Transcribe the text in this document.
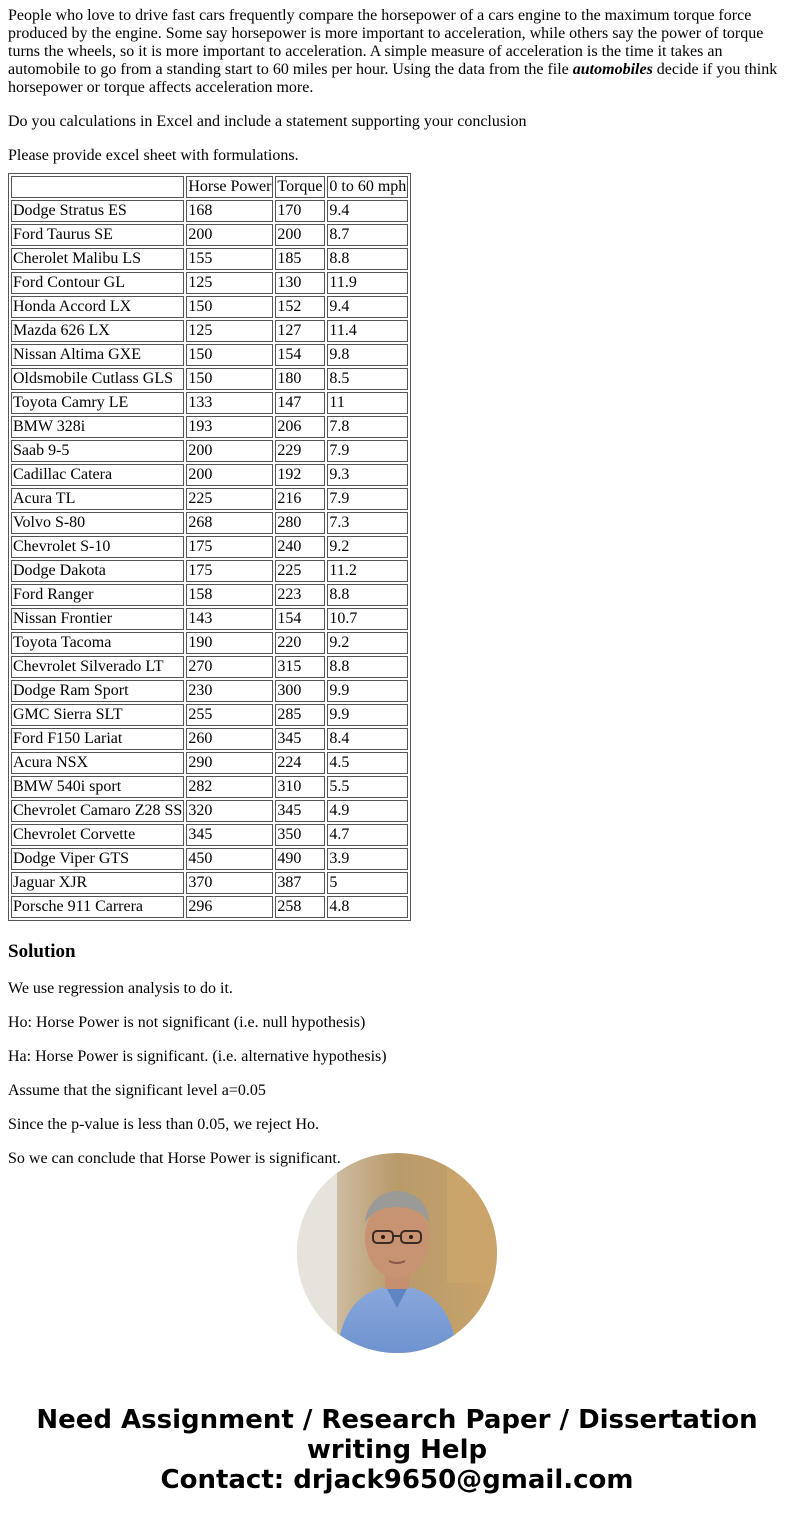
People who love to drive fast cars frequently compare the horsepower of a cars engine to the maximum torque force produced by the engine. Some say horsepower is more important to acceleration, while others say the power of torque turns the wheels, so it is more important to acceleration. A simple measure of acceleration is the time it takes an automobile to go from a standing start to 60 miles per hour. Using the data from the file automobiles decide if you think horsepower or torque affects acceleration more.

Do you calculations in Excel and include a statement supporting your conclusion

Please provide excel sheet with formulations.

	Horse Power	Torque	0 to 60 mph
Dodge Stratus ES	168	170	9.4
Ford Taurus SE	200	200	8.7
Cherolet Malibu LS	155	185	8.8
Ford Contour GL	125	130	11.9
Honda Accord LX	150	152	9.4
Mazda 626 LX	125	127	11.4
Nissan Altima GXE	150	154	9.8
Oldsmobile Cutlass GLS	150	180	8.5
Toyota Camry LE	133	147	11
BMW 328i	193	206	7.8
Saab 9-5	200	229	7.9
Cadillac Catera	200	192	9.3
Acura TL	225	216	7.9
Volvo S-80	268	280	7.3
Chevrolet S-10	175	240	9.2
Dodge Dakota	175	225	11.2
Ford Ranger	158	223	8.8
Nissan Frontier	143	154	10.7
Toyota Tacoma	190	220	9.2
Chevrolet Silverado LT	270	315	8.8
Dodge Ram Sport	230	300	9.9
GMC Sierra SLT	255	285	9.9
Ford F150 Lariat	260	345	8.4
Acura NSX	290	224	4.5
BMW 540i sport	282	310	5.5
Chevrolet Camaro Z28 SS	320	345	4.9
Chevrolet Corvette	345	350	4.7
Dodge Viper GTS	450	490	3.9
Jaguar XJR	370	387	5
Porsche 911 Carrera	296	258	4.8
Solution

We use regression analysis to do it.

Ho: Horse Power is not significant (i.e. null hypothesis)

Ha: Horse Power is significant. (i.e. alternative hypothesis)

Assume that the significant level a=0.05

Since the p-value is less than 0.05, we reject Ho.

So we can conclude that Horse Power is significant.

Need Assignment / Research Paper / Dissertation
writing Help
Contact: drjack9650@gmail.com
